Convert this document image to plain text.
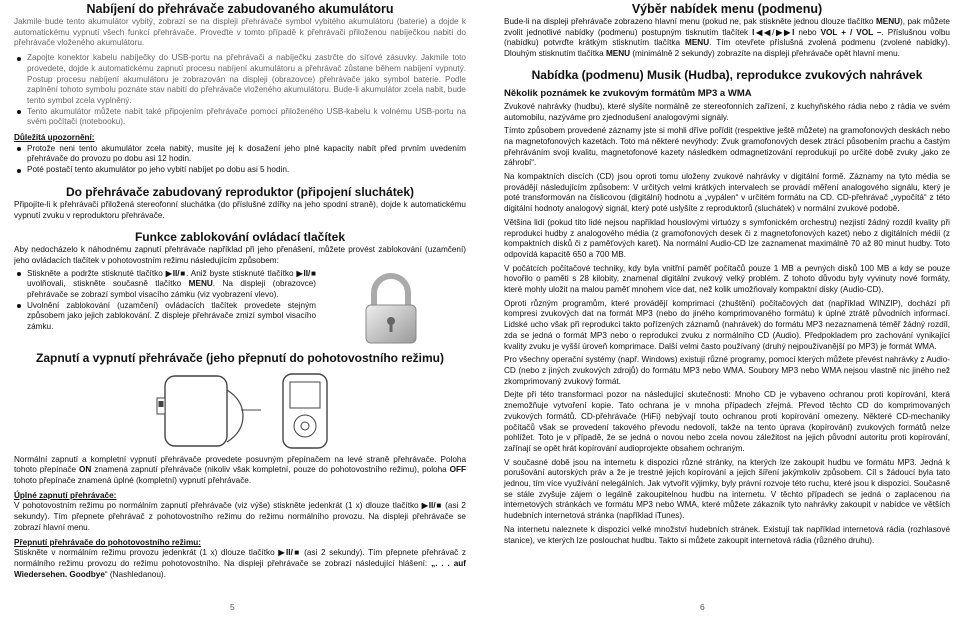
Nabíjení do přehrávače zabudovaného akumulátoru

Jakmile bude tento akumulátor vybitý, zobrazí se na displeji přehrávače symbol vybitého akumulátoru (baterie) a dojde k automatickému vypnutí všech funkcí přehrávače. Proveďte v tomto případě k přehrávači přiloženou nabíječkou nabití do přehrávače vloženého akumulátoru.

Zapojte konektor kabelu nabíječky do USB-portu na přehrávači a nabíječku zastrčte do síťové zásuvky. Jakmile toto provedete, dojde k automatickému zapnutí procesu nabíjení akumulátoru a přehrávač zůstane během nabíjení vypnutý. Postup procesu nabíjení akumulátoru je zobrazován na displeji (obrazovce) přehrávače jako symbol baterie. Podle zaplnění tohoto symbolu poznáte stav nabití do přehrávače vloženého akumulátoru. Bude-li akumulátor zcela nabit, bude tento symbol zcela vyplněný.
Tento akumulátor můžete nabít také připojením přehrávače pomocí přiloženého USB-kabelu k volnému USB-portu na svém počítači (notebooku).

Důležitá upozornění:

Protože neni tento akumulátor zcela nabitý, musíte jej k dosažení jeho plné kapacity nabít před prvním uvedením přehrávače do provozu po dobu asi 12 hodin.
Poté postačí tento akumulátor po jeho vybití nabíjet po dobu asi 5 hodin.
Do přehrávače zabudovaný reproduktor (připojení sluchátek)

Připojíte-li k přehrávači přiložená stereofonní sluchátka (do příslušné zdířky na jeho spodní straně), dojde k automatickému vypnutí zvuku v reproduktoru přehrávače.

Funkce zablokování ovládací tlačítek

Aby nedocházelo k náhodnému zapnutí přehrávače například při jeho přenášení, můžete provést zablokování (uzamčení) jeho ovládacích tlačítek v pohotovostním režimu následujícím způsobem:

Stiskněte a podržte stisknuté tlačítko ▶II/■. Aniž byste stisknuté tlačítko ▶II/■ uvolňovali, stiskněte současně tlačítko MENU. Na displeji (obrazovce) přehrávače se zobrazí symbol visacího zámku (viz vyobrazení vlevo).
Uvolnění zablokování (uzamčení) ovládacích tlačítek provedete stejným způsobem jako jejich zablokování. Z displeje přehrávače zmizí symbol visacího zámku.
Zapnutí a vypnutí přehrávače (jeho přepnutí do pohotovostního režimu)

Normální zapnutí a kompletní vypnutí přehrávače provedete posuvným přepínačem na levé straně přehrávače. Poloha tohoto přepínače ON znamená zapnutí přehrávače (nikoliv však kompletní, pouze do pohotovostního režimu), poloha OFF tohoto přepínače znamená úplné (kompletní) vypnutí přehrávače.

Úplné zapnutí přehrávače:

V pohotovostním režimu po normálním zapnutí přehrávače (viz výše) stiskněte jedenkrát (1 x) dlouze tlačítko ▶II/■ (asi 2 sekundy). Tím přepnete přehrávač z pohotovostního režimu do režimu normálního provozu. Na displeji přehrávače se zobrazí hlavní menu.

Přepnutí přehrávače do pohotovostního režimu:

Stiskněte v normálním režimu provozu jedenkrát (1 x) dlouze tlačítko ▶II/■ (asi 2 sekundy). Tím přepnete přehrávač z normálního režimu provozu do režimu pohotovostního. Na displeji přehrávače se zobrazí následující hlášení: „. . . auf Wiedersehen. Goodbye“ (Nashledanou).

5
Výběr nabídek menu (podmenu)

Bude-li na displeji přehrávače zobrazeno hlavní menu (pokud ne, pak stiskněte jednou dlouze tlačítko MENU), pak můžete zvolit jednotlivé nabídky (podmenu) postupným tisknutím tlačítek I◀◀/▶▶I nebo VOL + / VOL –. Příslušnou volbu (nabídku) potvrďte krátkým stisknutím tlačítka MENU. Tím otevřete příslušná zvolená podmenu (zvolené nabídky). Dlouhým stisknutím tlačítka MENU (minimálně 2 sekundy) zobrazíte na displeji přehrávače opět hlavní menu.

Nabídka (podmenu) Musik (Hudba), reprodukce zvukových nahrávek
Několik poznámek ke zvukovým formátům MP3 a WMA

Zvukové nahrávky (hudbu), které slyšíte normálně ze stereofonních zařízení, z kuchyňského rádia nebo z rádia ve svém automobilu, nazýváme pro zjednodušení analogovými signály.

Tímto způsobem provedené záznamy jste si mohli dříve pořídit (respektive ještě můžete) na gramofonových deskách nebo na magnetofonových kazetách. Toto má některé nevýhody: Zvuk gramofonových desek ztrácí působením prachu a častým přehráváním svoji kvalitu, magnetofonové kazety následkem odmagnetizování reprodukují po určité době zvuky „jako ze záhrobí“.

Na kompaktních discích (CD) jsou oproti tomu uloženy zvukové nahrávky v digitální formě. Záznamy na tyto média se provádějí následujícím způsobem: V určitých velmi krátkých intervalech se provádí měření analogového signálu, který je poté transformován na číslicovou (digitální) hodnotu a „vypálen“ v určitém formátu na CD. CD-přehrávač „vypočítá“ z této digitální hodnoty analogový signál, který poté uslyšíte z reproduktorů (sluchátek) v normální zvukové podobě.

Většina lidí (pokud tito lidé nejsou například houslovými virtuózy s symfonickém orchestru) nezjistí žádný rozdíl kvality při reprodukci hudby z analogového média (z gramofonových desek či z magnetofonových kazet) nebo z digitálních médií (z kompaktních disků či z paměťových karet). Na normální Audio-CD lze zaznamenat maximálně 70 až 80 minut hudby. Toto odpovídá kapacitě 650 a 700 MB.

V počátcích počítačové techniky, kdy byla vnitřní paměť počítačů pouze 1 MB a pevných disků 100 MB a kdy se pouze hovořilo o paměti s 28 kilobity, znamenal digitální zvukový velký problém. Z tohoto důvodu byly vyvinuty nové formáty, které mohly uložit na malou paměť mnohem více dat, než kolik umožňovaly kompaktní disky (Audio-CD).

Oproti různým programům, které provádějí komprimaci (zhuštění) počítačových dat (například WINZIP), dochází při kompresi zvukových dat na formát MP3 (nebo do jiného komprimovaného formátu) k úplné ztrátě původních informací. Lidské ucho však při reprodukci takto pořízených záznamů (nahrávek) do formátu MP3 nezaznamená téměř žádný rozdíl, zda se jedná o formát MP3 nebo o reprodukci zvuku z normálního CD (Audio). Předpokladem pro zachování vynikající kvality zvuku je vyšší úroveň komprimace. Další velmi často používaný (druhý nejpoužívanější po MP3) je formát WMA.

Pro všechny operační systémy (např. Windows) existují různé programy, pomocí kterých můžete převést nahrávky z Audio-CD (nebo z jiných zvukových zdrojů) do formátu MP3 nebo WMA. Soubory MP3 nebo WMA nejsou vlastně nic jiného než zkomprimovaný zvukový formát.

Dejte při této transformaci pozor na následující skutečnosti: Mnoho CD je vybaveno ochranou proti kopírování, která znemožňuje vytvoření kopie. Tato ochrana je v mnoha případech zřejmá. Převod těchto CD do komprimovaných zvukových formátů. CD-přehrávače (HiFi) nebývají touto ochranou proti kopírování omezeny. Některé CD-mechaniky počítačů však se provedení takového převodu nedovolí, takže na tento úprava (kopírování) zvukových formátů nelze pohlížet. Toto je v případě, že se jedná o novou nebo zcela novou záležitost na jejich původní autoritu proti kopírování, zařínají se opět hrát kopírování audioprojekte obsahem ochraným.

V současné době jsou na internetu k dispozici různé stránky, na kterých lze zakoupit hudbu ve formátu MP3. Jedná k porušování autorských práv a že je trestné jejich kopírování a jejich šíření jakýmkoliv způsobem. Cíl s žádoucí byla tato jednou, tím více využívání nelegálních. Jak vytvořit výjimky, byly právní rozvoje této ruchu, které jsou k dispozici. Současně se stále zvyšuje zájem o legálně zakoupitelnou hudbu na internetu. V těchto případech se jedná o zaplacenou na internetových stránkách ve formátu MP3 nebo WMA, které můžete zákazník tyto nahrávky zakoupit v nabídce ve větších hudebních internetová stránka (například iTunes).

Na internetu naleznete k dispozici velké množství hudebních stránek. Existují tak například internetová rádia (rozhlasové stanice), ve kterých lze poslouchat hudbu. Takto si můžete zakoupit internetová rádia (různého druhu).

6
